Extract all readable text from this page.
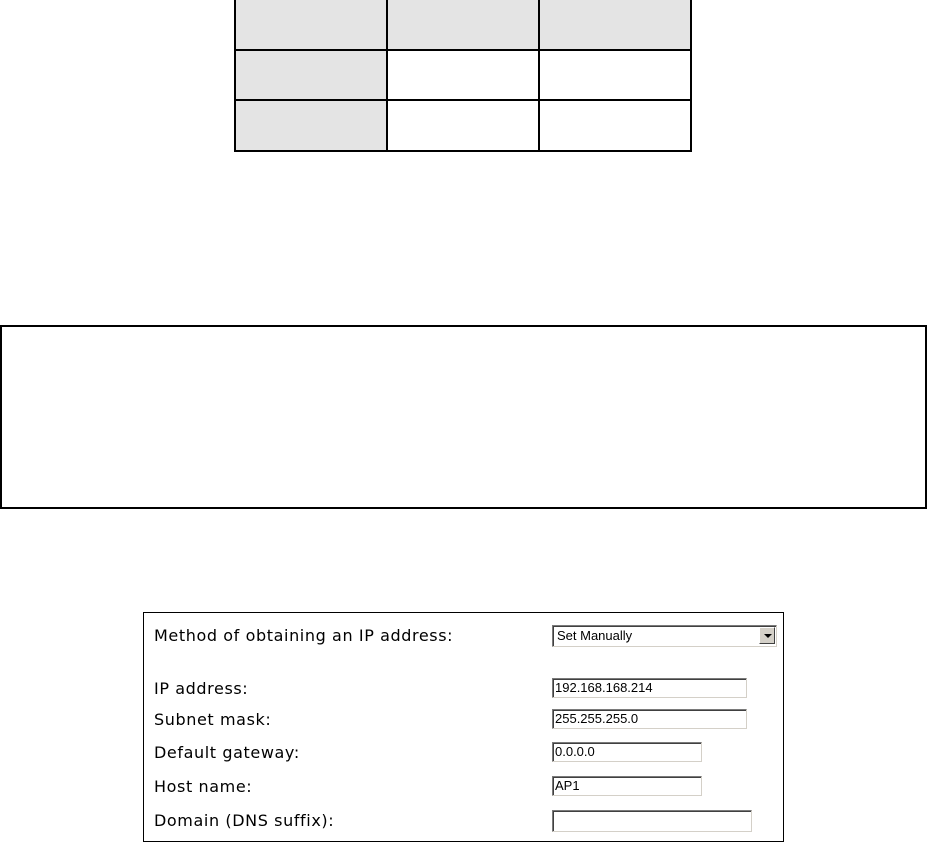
Method of obtaining an IP address:	Set Manually
IP address:	192.168.168.214
Subnet mask:	255.255.255.0
Default gateway:	0.0.0.0
Host name:	AP1
Domain (DNS suffix):
